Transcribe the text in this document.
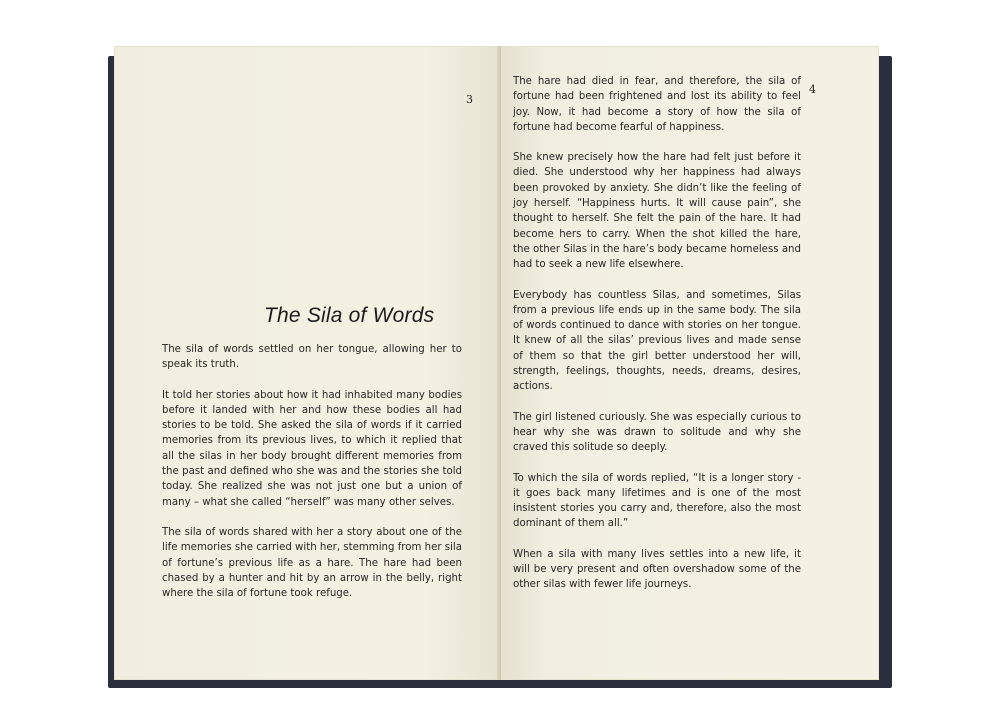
3
The Sila of Words

The sila of words settled on her tongue, allowing her to speak its truth.

It told her stories about how it had inhabited many bodies before it landed with her and how these bodies all had stories to be told. She asked the sila of words if it carried memories from its previous lives, to which it replied that all the silas in her body brought different memories from the past and defined who she was and the stories she told today. She realized she was not just one but a union of many – what she called “herself” was many other selves.

The sila of words shared with her a story about one of the life memories she carried with her, stemming from her sila of fortune’s previous life as a hare. The hare had been chased by a hunter and hit by an arrow in the belly, right where the sila of fortune took refuge.

4

The hare had died in fear, and therefore, the sila of fortune had been frightened and lost its ability to feel joy. Now, it had become a story of how the sila of fortune had become fearful of happiness.

She knew precisely how the hare had felt just before it died. She understood why her happiness had always been provoked by anxiety. She didn’t like the feeling of joy herself. “Happiness hurts. It will cause pain”, she thought to herself. She felt the pain of the hare. It had become hers to carry. When the shot killed the hare, the other Silas in the hare’s body became homeless and had to seek a new life elsewhere.

Everybody has countless Silas, and sometimes, Silas from a previous life ends up in the same body. The sila of words continued to dance with stories on her tongue. It knew of all the silas’ previous lives and made sense of them so that the girl better understood her will, strength, feelings, thoughts, needs, dreams, desires, actions.

The girl listened curiously. She was especially curious to hear why she was drawn to solitude and why she craved this solitude so deeply.

To which the sila of words replied, “It is a longer story - it goes back many lifetimes and is one of the most insistent stories you carry and, therefore, also the most dominant of them all.”

When a sila with many lives settles into a new life, it will be very present and often overshadow some of the other silas with fewer life journeys.
